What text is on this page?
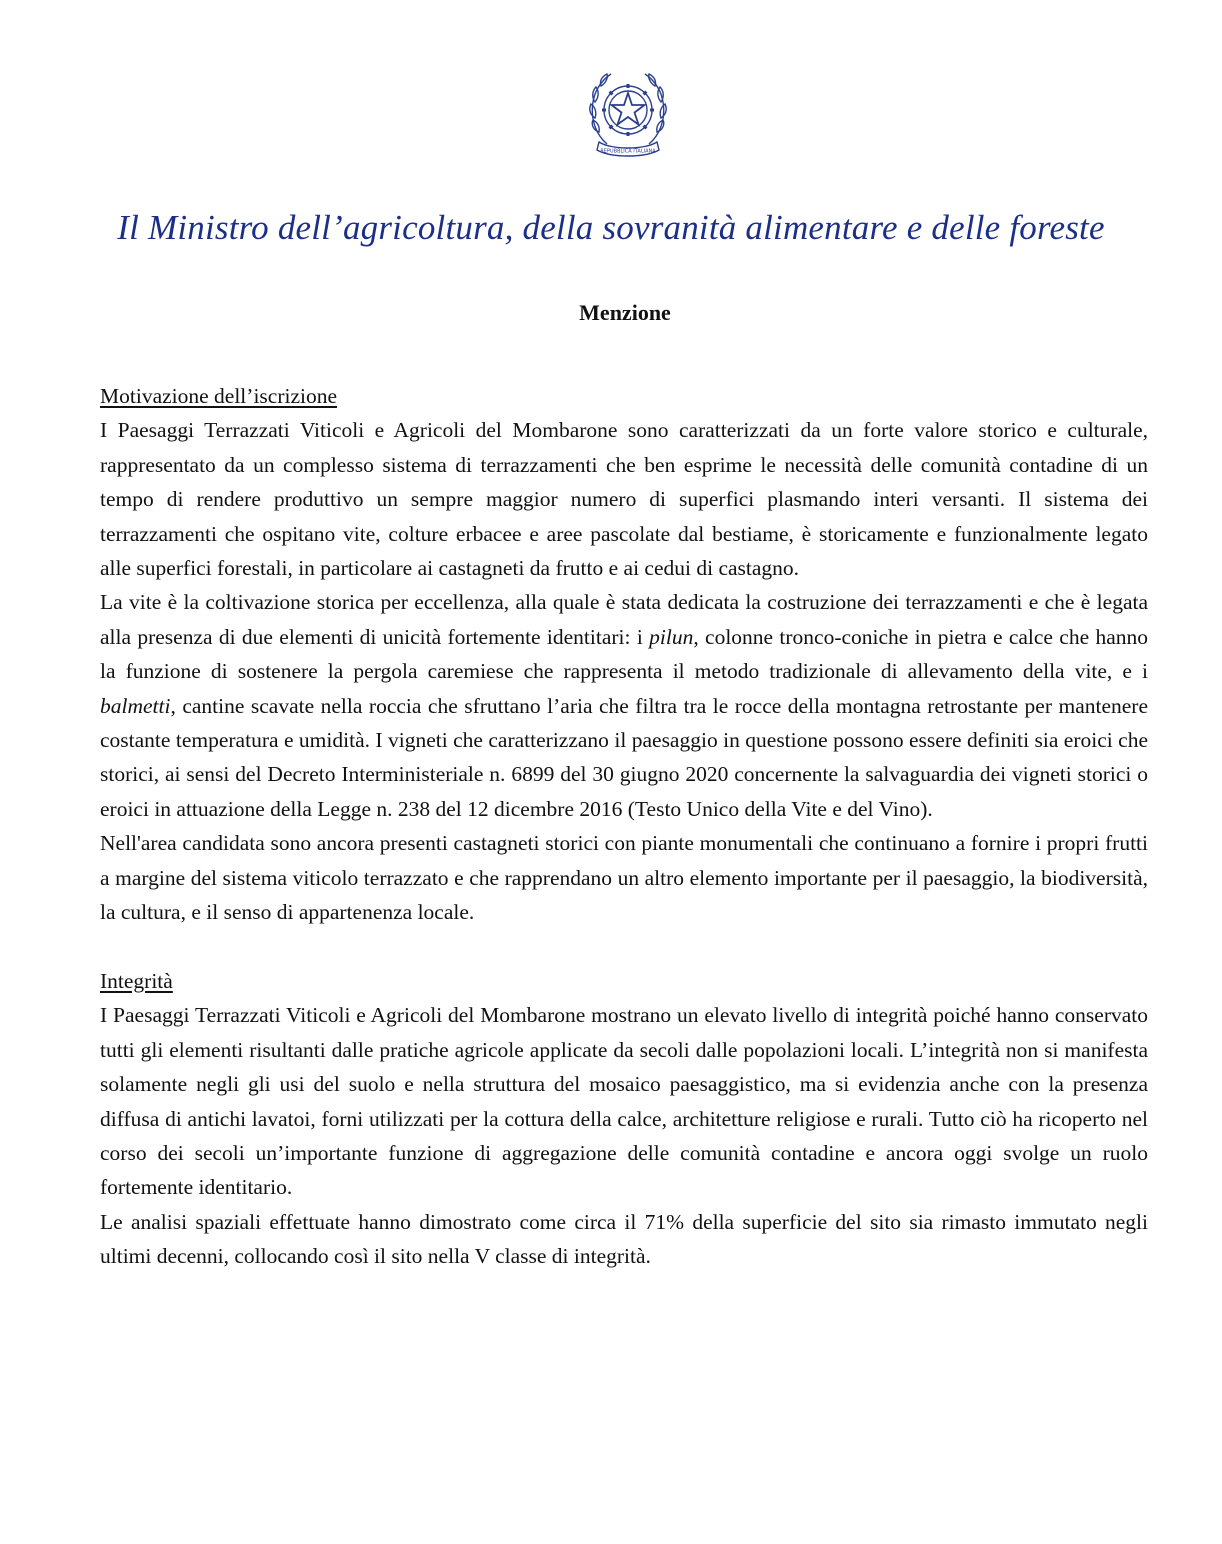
REPUBBLICA ITALIANA
Il Ministro dell’agricoltura, della sovranità alimentare e delle foreste
Menzione
Motivazione dell’iscrizione
I Paesaggi Terrazzati Viticoli e Agricoli del Mombarone sono caratterizzati da un forte valore storico e culturale, rappresentato da un complesso sistema di terrazzamenti che ben esprime le necessità delle comunità contadine di un tempo di rendere produttivo un sempre maggior numero di superfici plasmando interi versanti. Il sistema dei terrazzamenti che ospitano vite, colture erbacee e aree pascolate dal bestiame, è storicamente e funzionalmente legato alle superfici forestali, in particolare ai castagneti da frutto e ai cedui di castagno.
La vite è la coltivazione storica per eccellenza, alla quale è stata dedicata la costruzione dei terrazzamenti e che è legata alla presenza di due elementi di unicità fortemente identitari: i pilun, colonne tronco-coniche in pietra e calce che hanno la funzione di sostenere la pergola caremiese che rappresenta il metodo tradizionale di allevamento della vite, e i balmetti, cantine scavate nella roccia che sfruttano l’aria che filtra tra le rocce della montagna retrostante per mantenere costante temperatura e umidità. I vigneti che caratterizzano il paesaggio in questione possono essere definiti sia eroici che storici, ai sensi del Decreto Interministeriale n. 6899 del 30 giugno 2020 concernente la salvaguardia dei vigneti storici o eroici in attuazione della Legge n. 238 del 12 dicembre 2016 (Testo Unico della Vite e del Vino).
Nell'area candidata sono ancora presenti castagneti storici con piante monumentali che continuano a fornire i propri frutti a margine del sistema viticolo terrazzato e che rapprendano un altro elemento importante per il paesaggio, la biodiversità, la cultura, e il senso di appartenenza locale.
Integrità
I Paesaggi Terrazzati Viticoli e Agricoli del Mombarone mostrano un elevato livello di integrità poiché hanno conservato tutti gli elementi risultanti dalle pratiche agricole applicate da secoli dalle popolazioni locali. L’integrità non si manifesta solamente negli gli usi del suolo e nella struttura del mosaico paesaggistico, ma si evidenzia anche con la presenza diffusa di antichi lavatoi, forni utilizzati per la cottura della calce, architetture religiose e rurali. Tutto ciò ha ricoperto nel corso dei secoli un’importante funzione di aggregazione delle comunità contadine e ancora oggi svolge un ruolo fortemente identitario.
Le analisi spaziali effettuate hanno dimostrato come circa il 71% della superficie del sito sia rimasto immutato negli ultimi decenni, collocando così il sito nella V classe di integrità.
